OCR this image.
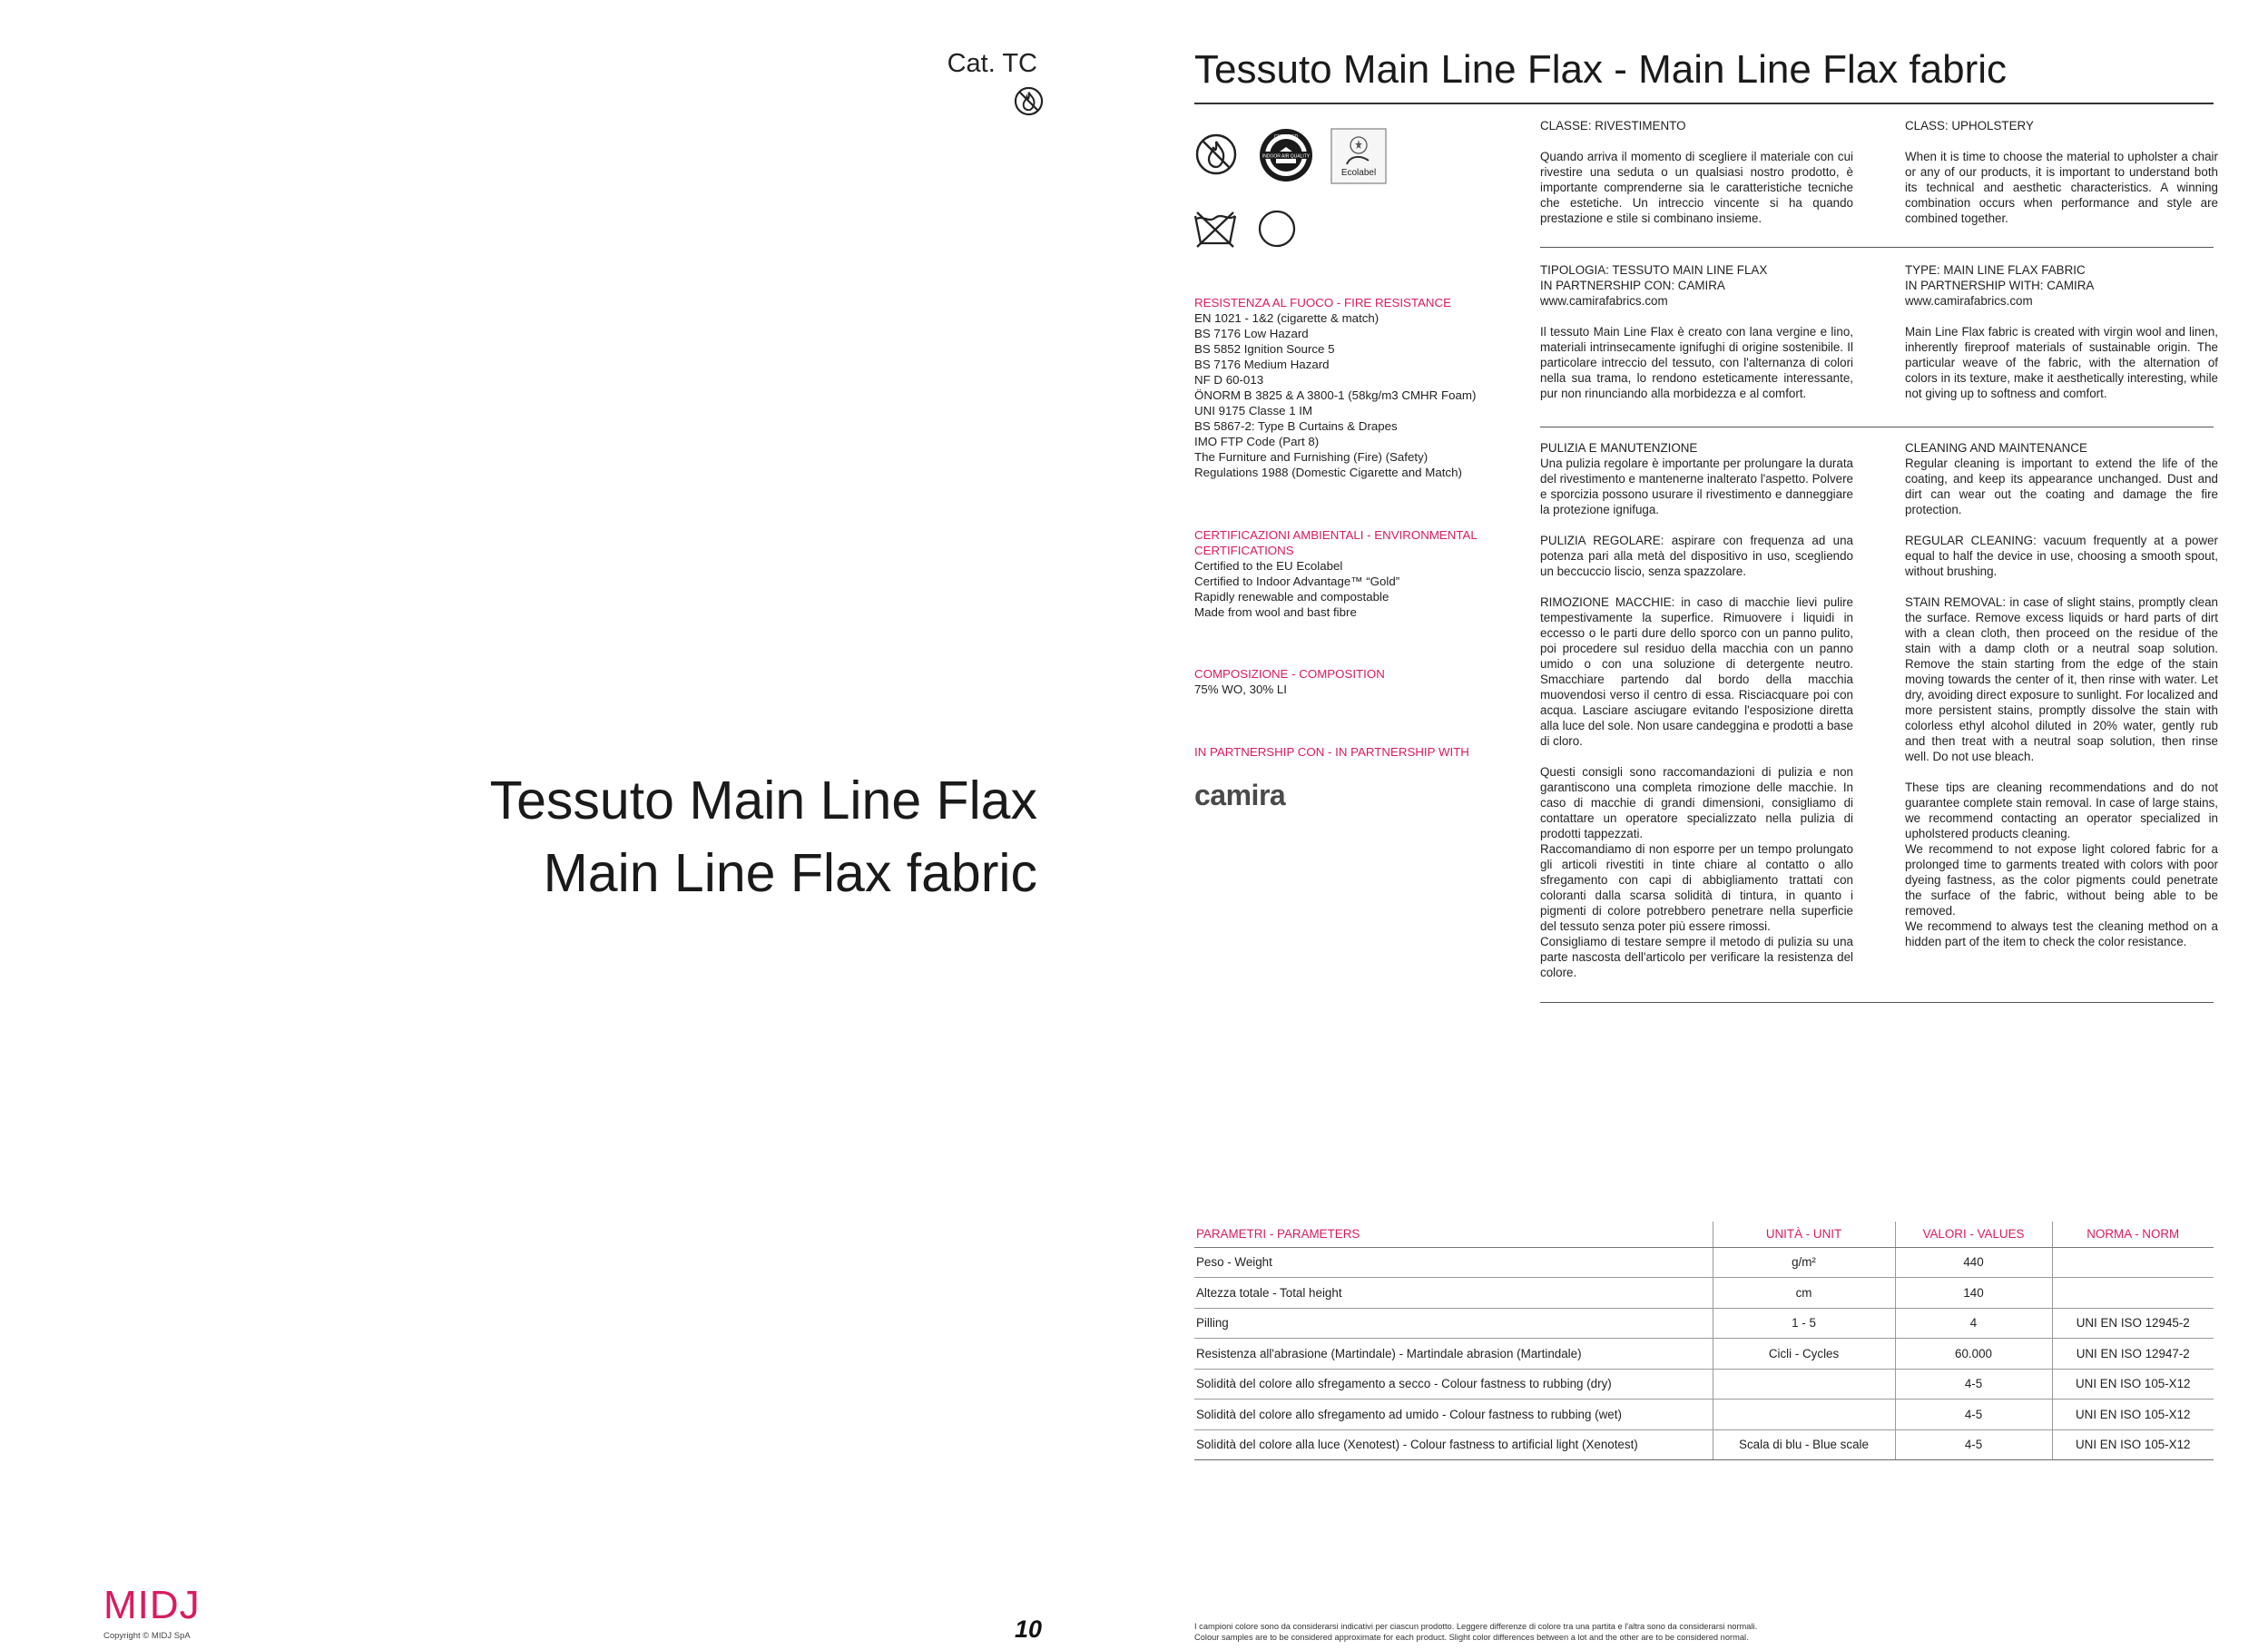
Cat. TC
Tessuto Main Line Flax
Main Line Flax fabric
MIDJ
Copyright © MIDJ SpA	10
Tessuto Main Line Flax - Main Line Flax fabric
INDOOR AIR QUALITY
CERTIFIED
Ecolabel
RESISTENZA AL FUOCO - FIRE RESISTANCE

EN 1021 - 1&2 (cigarette & match)

BS 7176 Low Hazard

BS 5852 Ignition Source 5

BS 7176 Medium Hazard

NF D 60-013

ÖNORM B 3825 & A 3800-1 (58kg/m3 CMHR Foam)

UNI 9175 Classe 1 IM

BS 5867-2: Type B Curtains & Drapes

IMO FTP Code (Part 8)

The Furniture and Furnishing (Fire) (Safety)

Regulations 1988 (Domestic Cigarette and Match)

CERTIFICAZIONI AMBIENTALI - ENVIRONMENTAL
CERTIFICATIONS

Certified to the EU Ecolabel

Certified to Indoor Advantage™ “Gold”

Rapidly renewable and compostable

Made from wool and bast fibre

COMPOSIZIONE - COMPOSITION

75% WO, 30% LI

IN PARTNERSHIP CON - IN PARTNERSHIP WITH
camira

CLASSE: RIVESTIMENTO

Quando arriva il momento di scegliere il materiale con cui rivestire una seduta o un qualsiasi nostro prodotto, è importante comprenderne sia le caratteristiche tecniche che estetiche. Un intreccio vincente si ha quando prestazione e stile si combinano insieme.

TIPOLOGIA: TESSUTO MAIN LINE FLAX

IN PARTNERSHIP CON: CAMIRA

www.camirafabrics.com

Il tessuto Main Line Flax è creato con lana vergine e lino, materiali intrinsecamente ignifughi di origine sostenibile. Il particolare intreccio del tessuto, con l'alternanza di colori nella sua trama, lo rendono esteticamente interessante, pur non rinunciando alla morbidezza e al comfort.

PULIZIA E MANUTENZIONE

Una pulizia regolare è importante per prolungare la durata del rivestimento e mantenerne inalterato l'aspetto. Polvere e sporcizia possono usurare il rivestimento e danneggiare la protezione ignifuga.

PULIZIA REGOLARE: aspirare con frequenza ad una potenza pari alla metà del dispositivo in uso, scegliendo un beccuccio liscio, senza spazzolare.

RIMOZIONE MACCHIE: in caso di macchie lievi pulire tempestivamente la superfice. Rimuovere i liquidi in eccesso o le parti dure dello sporco con un panno pulito, poi procedere sul residuo della macchia con un panno umido o con una soluzione di detergente neutro. Smacchiare partendo dal bordo della macchia muovendosi verso il centro di essa. Risciacquare poi con acqua. Lasciare asciugare evitando l'esposizione diretta alla luce del sole. Non usare candeggina e prodotti a base di cloro.

Questi consigli sono raccomandazioni di pulizia e non garantiscono una completa rimozione delle macchie. In caso di macchie di grandi dimensioni, consigliamo di contattare un operatore specializzato nella pulizia di prodotti tappezzati.

Raccomandiamo di non esporre per un tempo prolungato gli articoli rivestiti in tinte chiare al contatto o allo sfregamento con capi di abbigliamento trattati con coloranti dalla scarsa solidità di tintura, in quanto i pigmenti di colore potrebbero penetrare nella superficie del tessuto senza poter più essere rimossi.

Consigliamo di testare sempre il metodo di pulizia su una parte nascosta dell'articolo per verificare la resistenza del colore.

CLASS: UPHOLSTERY

When it is time to choose the material to upholster a chair or any of our products, it is important to understand both its technical and aesthetic characteristics. A winning combination occurs when performance and style are combined together.

TYPE: MAIN LINE FLAX FABRIC

IN PARTNERSHIP WITH: CAMIRA

www.camirafabrics.com

Main Line Flax fabric is created with virgin wool and linen, inherently fireproof materials of sustainable origin. The particular weave of the fabric, with the alternation of colors in its texture, make it aesthetically interesting, while not giving up to softness and comfort.

CLEANING AND MAINTENANCE

Regular cleaning is important to extend the life of the coating, and keep its appearance unchanged. Dust and dirt can wear out the coating and damage the fire protection.

REGULAR CLEANING: vacuum frequently at a power equal to half the device in use, choosing a smooth spout, without brushing.

STAIN REMOVAL: in case of slight stains, promptly clean the surface. Remove excess liquids or hard parts of dirt with a clean cloth, then proceed on the residue of the stain with a damp cloth or a neutral soap solution. Remove the stain starting from the edge of the stain moving towards the center of it, then rinse with water. Let dry, avoiding direct exposure to sunlight. For localized and more persistent stains, promptly dissolve the stain with colorless ethyl alcohol diluted in 20% water, gently rub and then treat with a neutral soap solution, then rinse well. Do not use bleach.

These tips are cleaning recommendations and do not guarantee complete stain removal. In case of large stains, we recommend contacting an operator specialized in upholstered products cleaning.

We recommend to not expose light colored fabric for a prolonged time to garments treated with colors with poor dyeing fastness, as the color pigments could penetrate the surface of the fabric, without being able to be removed.

We recommend to always test the cleaning method on a hidden part of the item to check the color resistance.

PARAMETRI - PARAMETERS	UNITÀ - UNIT	VALORI - VALUES	NORMA - NORM
Peso - Weight	g/m²	440	
Altezza totale - Total height	cm	140	
Pilling	1 - 5	4	UNI EN ISO 12945-2
Resistenza all'abrasione (Martindale) - Martindale abrasion (Martindale)	Cicli - Cycles	60.000	UNI EN ISO 12947-2
Solidità del colore allo sfregamento a secco - Colour fastness to rubbing (dry)		4-5	UNI EN ISO 105-X12
Solidità del colore allo sfregamento ad umido - Colour fastness to rubbing (wet)		4-5	UNI EN ISO 105-X12
Solidità del colore alla luce (Xenotest) - Colour fastness to artificial light (Xenotest)	Scala di blu - Blue scale	4-5	UNI EN ISO 105-X12
I campioni colore sono da considerarsi indicativi per ciascun prodotto. Leggere differenze di colore tra una partita e l'altra sono da considerarsi normali.
Colour samples are to be considered approximate for each product. Slight color differences between a lot and the other are to be considered normal.
